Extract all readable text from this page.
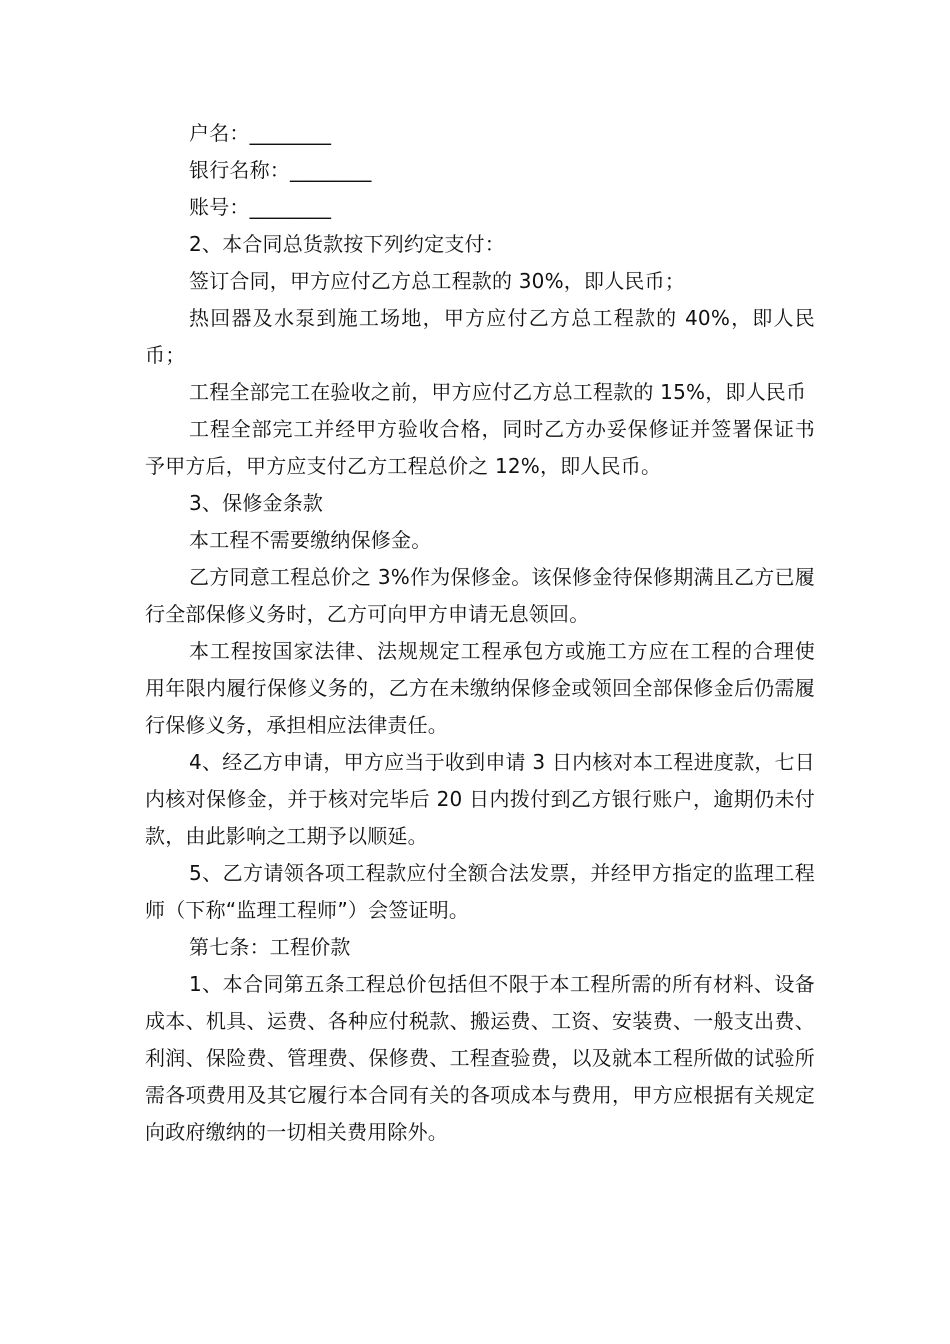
户名：________

银行名称：________

账号：________

2、本合同总货款按下列约定支付：

签订合同，甲方应付乙方总工程款的 30%，即人民币；

热回器及水泵到施工场地，甲方应付乙方总工程款的 40%，即人民币；

工程全部完工在验收之前，甲方应付乙方总工程款的 15%，即人民币

工程全部完工并经甲方验收合格，同时乙方办妥保修证并签署保证书予甲方后，甲方应支付乙方工程总价之 12%，即人民币。

3、保修金条款

本工程不需要缴纳保修金。

乙方同意工程总价之 3%作为保修金。该保修金待保修期满且乙方已履行全部保修义务时，乙方可向甲方申请无息领回。

本工程按国家法律、法规规定工程承包方或施工方应在工程的合理使用年限内履行保修义务的，乙方在未缴纳保修金或领回全部保修金后仍需履行保修义务，承担相应法律责任。

4、经乙方申请，甲方应当于收到申请 3 日内核对本工程进度款，七日内核对保修金，并于核对完毕后 20 日内拨付到乙方银行账户，逾期仍未付款，由此影响之工期予以顺延。

5、乙方请领各项工程款应付全额合法发票，并经甲方指定的监理工程师（下称“监理工程师”）会签证明。

第七条：工程价款

1、本合同第五条工程总价包括但不限于本工程所需的所有材料、设备成本、机具、运费、各种应付税款、搬运费、工资、安装费、一般支出费、利润、保险费、管理费、保修费、工程查验费，以及就本工程所做的试验所需各项费用及其它履行本合同有关的各项成本与费用，甲方应根据有关规定向政府缴纳的一切相关费用除外。
